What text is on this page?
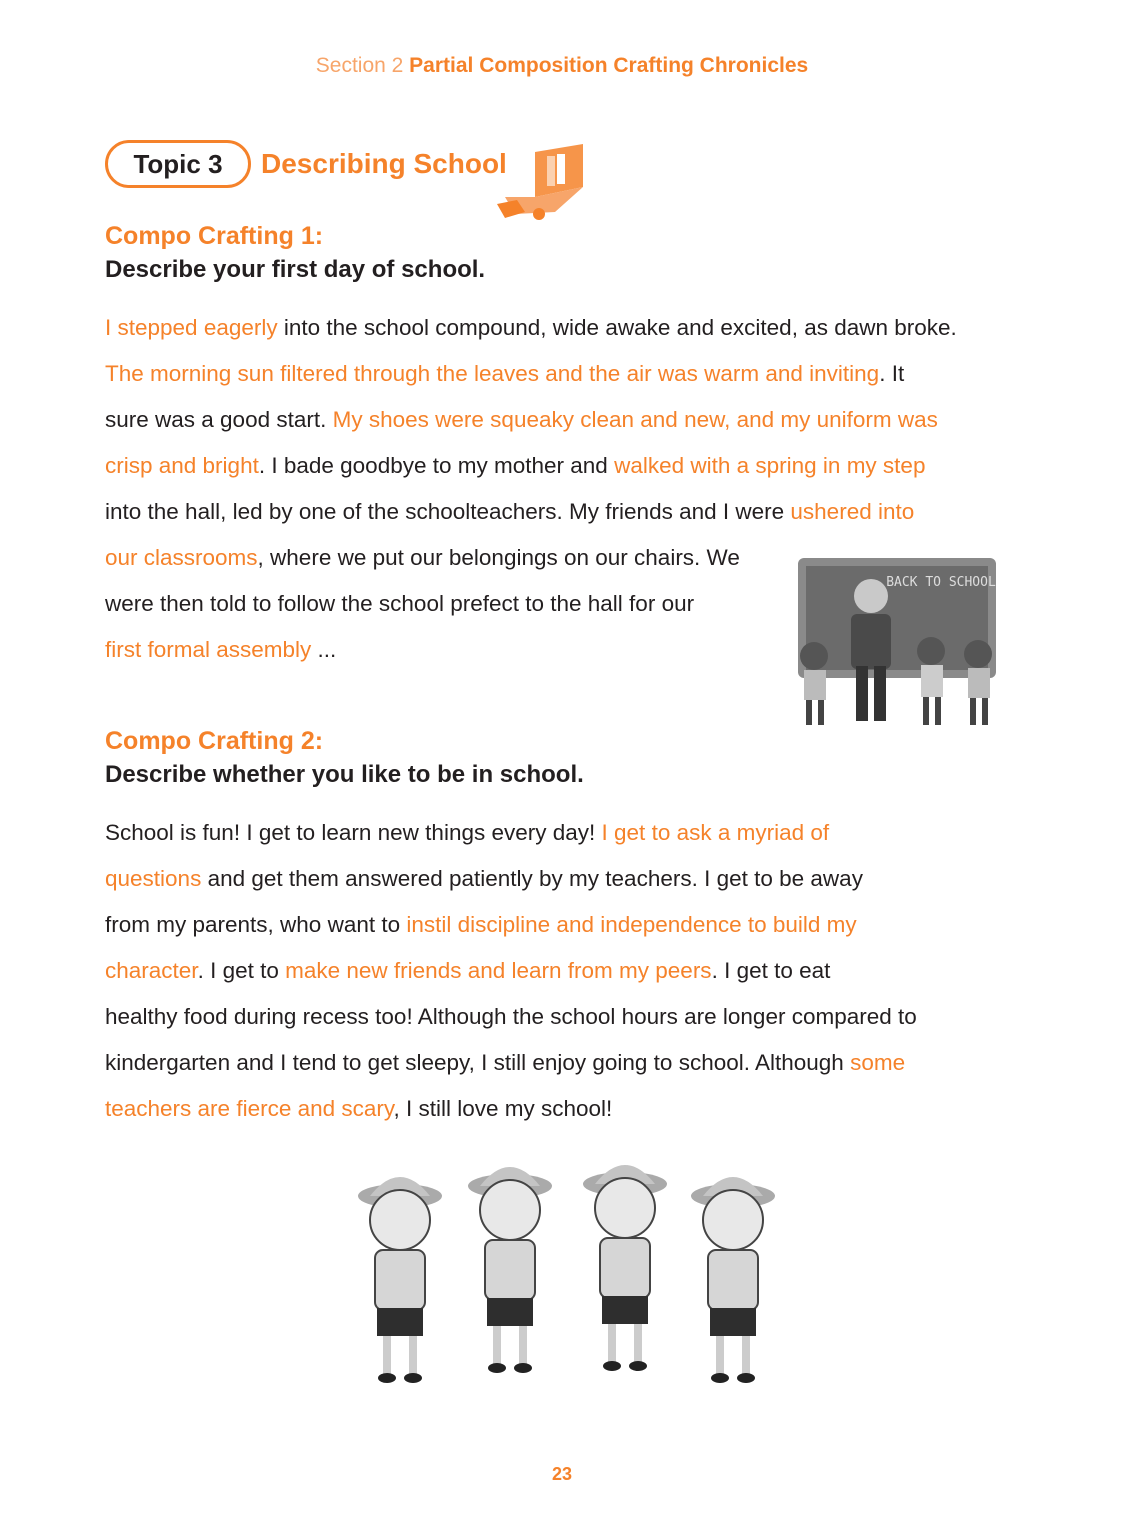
Section 2 Partial Composition Crafting Chronicles
Topic 3	Describing School
Compo Crafting 1:
Describe your first day of school.
I stepped eagerly into the school compound, wide awake and excited, as dawn broke.
The morning sun filtered through the leaves and the air was warm and inviting. It
sure was a good start. My shoes were squeaky clean and new, and my uniform was
crisp and bright. I bade goodbye to my mother and walked with a spring in my step
into the hall, led by one of the schoolteachers. My friends and I were ushered into
our classrooms, where we put our belongings on our chairs. We
were then told to follow the school prefect to the hall for our
first formal assembly ...
BACK TO SCHOOL
Compo Crafting 2:
Describe whether you like to be in school.
School is fun! I get to learn new things every day! I get to ask a myriad of
questions and get them answered patiently by my teachers. I get to be away
from my parents, who want to instil discipline and independence to build my
character. I get to make new friends and learn from my peers. I get to eat
healthy food during recess too! Although the school hours are longer compared to
kindergarten and I tend to get sleepy, I still enjoy going to school. Although some
teachers are fierce and scary, I still love my school!
23
